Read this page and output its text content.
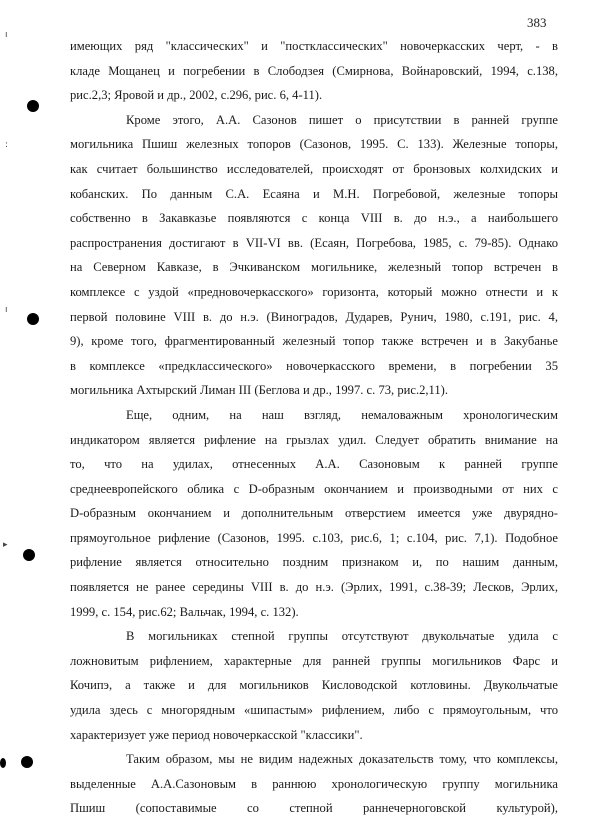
383
ı
:
ı
▸
имеющих ряд "классических" и "постклассических" новочеркасских черт, - в
кладе Мощанец и погребении в Слободзея (Смирнова, Войнаровский, 1994, с.138,
рис.2,3; Яровой и др., 2002, с.296, рис. 6, 4-11).
Кроме этого, А.А. Сазонов пишет о присутствии в ранней группе
могильника Пшиш железных топоров (Сазонов, 1995. С. 133). Железные топоры,
как считает большинство исследователей, происходят от бронзовых колхидских и
кобанских. По данным С.А. Есаяна и М.Н. Погребовой, железные топоры
собственно в Закавказье появляются с конца VIII в. до н.э., а наибольшего
распространения достигают в VII-VI вв. (Есаян, Погребова, 1985, с. 79-85). Однако
на Северном Кавказе, в Эчкиванском могильнике, железный топор встречен в
комплексе с уздой «предновочеркасского» горизонта, который можно отнести и к
первой половине VIII в. до н.э. (Виноградов, Дударев, Рунич, 1980, с.191, рис. 4,
9), кроме того, фрагментированный железный топор также встречен и в Закубанье
в комплексе «предклассического» новочеркасского времени, в погребении 35
могильника Ахтырский Лиман III (Беглова и др., 1997. с. 73, рис.2,11).
Еще, одним, на наш взгляд, немаловажным хронологическим
индикатором является рифление на грызлах удил. Следует обратить внимание на
то, что на удилах, отнесенных А.А. Сазоновым к ранней группе
среднеевропейского облика с D-образным окончанием и производными от них с
D-образным окончанием и дополнительным отверстием имеется уже двурядно-
прямоугольное рифление (Сазонов, 1995. с.103, рис.6, 1; с.104, рис. 7,1). Подобное
рифление является относительно поздним признаком и, по нашим данным,
появляется не ранее середины VIII в. до н.э. (Эрлих, 1991, с.38-39; Лесков, Эрлих,
1999, с. 154, рис.62; Вальчак, 1994, с. 132).
В могильниках степной группы отсутствуют двукольчатые удила с
ложновитым рифлением, характерные для ранней группы могильников Фарс и
Кочипэ, а также и для могильников Кисловодской котловины. Двукольчатые
удила здесь с многорядным «шипастым» рифлением, либо с прямоугольным, что
характеризует уже период новочеркасской "классики".
Таким образом, мы не видим надежных доказательств тому, что комплексы,
выделенные А.А.Сазоновым в раннюю хронологическую группу могильника
Пшиш (сопоставимые со степной раннечерноговской культурой),
